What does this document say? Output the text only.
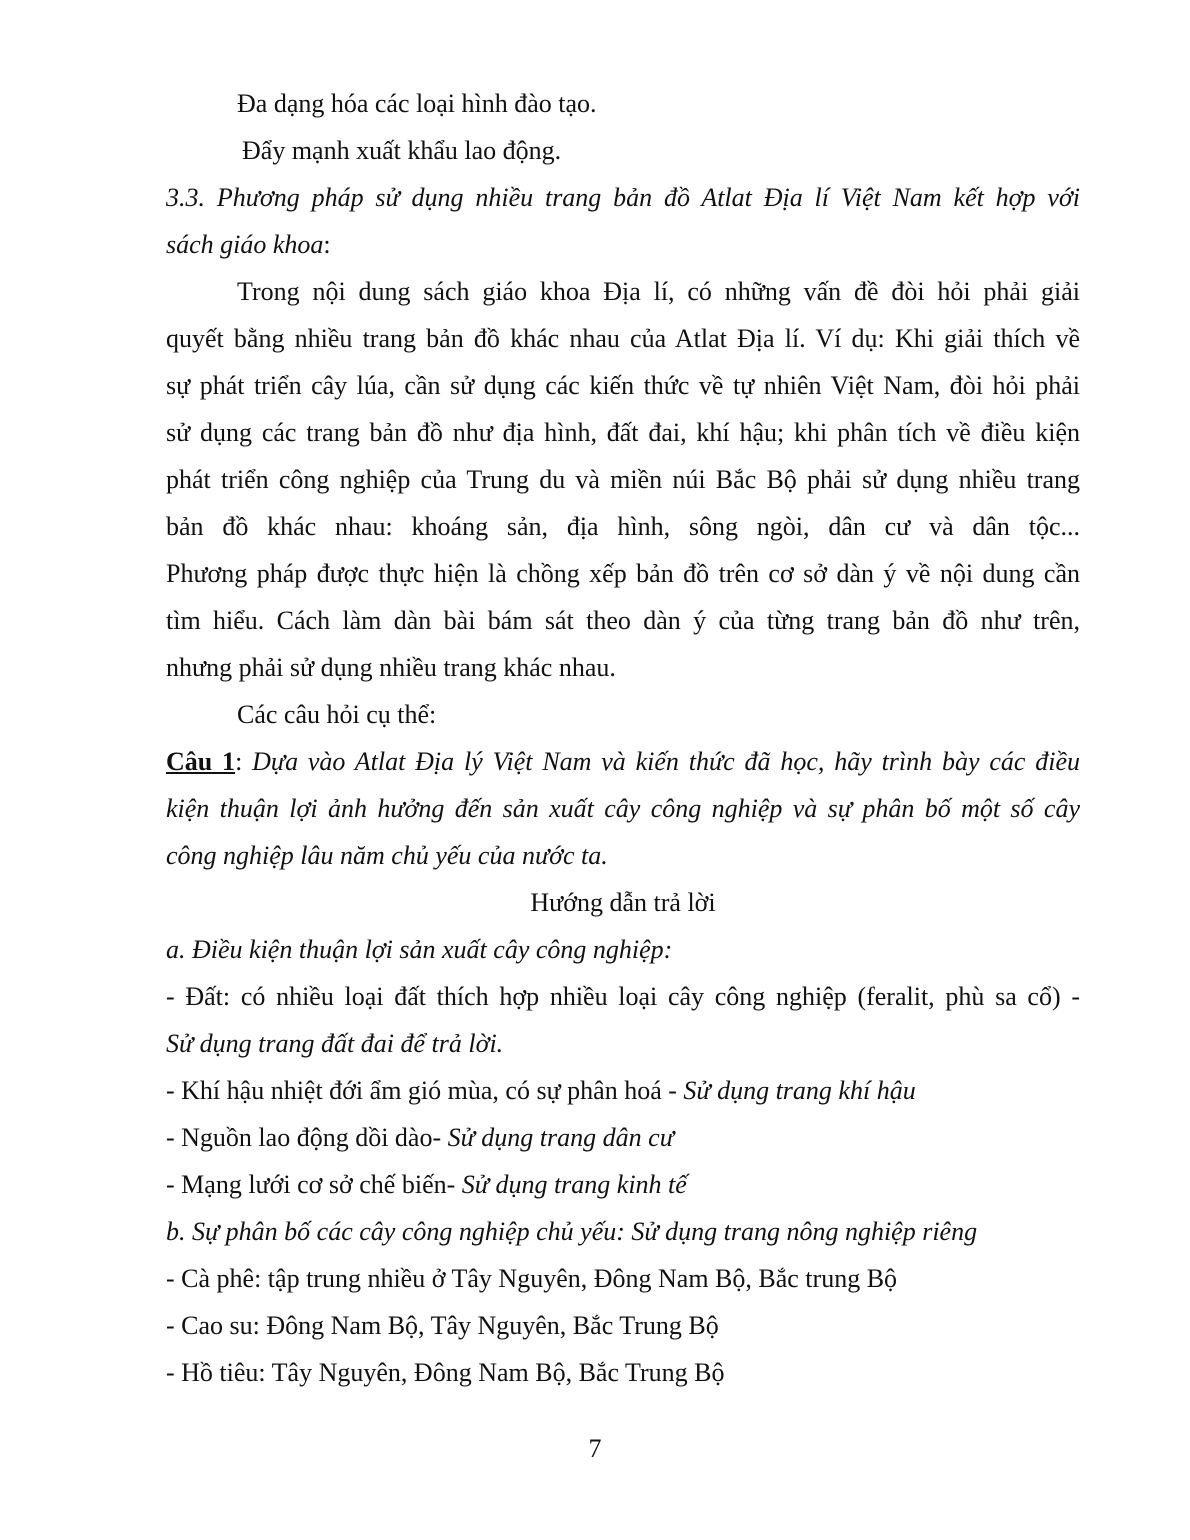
Đa dạng hóa các loại hình đào tạo.

Đẩy mạnh xuất khẩu lao động.

3.3. Phương pháp sử dụng nhiều trang bản đồ Atlat Địa lí Việt Nam kết hợp với

sách giáo khoa:

Trong nội dung sách giáo khoa Địa lí, có những vấn đề đòi hỏi phải giải

quyết bằng nhiều trang bản đồ khác nhau của Atlat Địa lí. Ví dụ: Khi giải thích về

sự phát triển cây lúa, cần sử dụng các kiến thức về tự nhiên Việt Nam, đòi hỏi phải

sử dụng các trang bản đồ như địa hình, đất đai, khí hậu; khi phân tích về điều kiện

phát triển công nghiệp của Trung du và miền núi Bắc Bộ phải sử dụng nhiều trang

bản đồ khác nhau: khoáng sản, địa hình, sông ngòi, dân cư và dân tộc...

Phương pháp được thực hiện là chồng xếp bản đồ trên cơ sở dàn ý về nội dung cần

tìm hiểu. Cách làm dàn bài bám sát theo dàn ý của từng trang bản đồ như trên,

nhưng phải sử dụng nhiều trang khác nhau.

Các câu hỏi cụ thể:

Câu 1: Dựa vào Atlat Địa lý Việt Nam và kiến thức đã học, hãy trình bày các điều

kiện thuận lợi ảnh hưởng đến sản xuất cây công nghiệp và sự phân bố một số cây

công nghiệp lâu năm chủ yếu của nước ta.

Hướng dẫn trả lời

a. Điều kiện thuận lợi sản xuất cây công nghiệp:

- Đất: có nhiều loại đất thích hợp nhiều loại cây công nghiệp (feralit, phù sa cổ) -

Sử dụng trang đất đai để trả lời.

- Khí hậu nhiệt đới ẩm gió mùa, có sự phân hoá - Sử dụng trang khí hậu

- Nguồn lao động dồi dào- Sử dụng trang dân cư

- Mạng lưới cơ sở chế biến- Sử dụng trang kinh tế

b. Sự phân bố các cây công nghiệp chủ yếu: Sử dụng trang nông nghiệp riêng

- Cà phê: tập trung nhiều ở Tây Nguyên, Đông Nam Bộ, Bắc trung Bộ

- Cao su: Đông Nam Bộ, Tây Nguyên, Bắc Trung Bộ

- Hồ tiêu: Tây Nguyên, Đông Nam Bộ, Bắc Trung Bộ

7
